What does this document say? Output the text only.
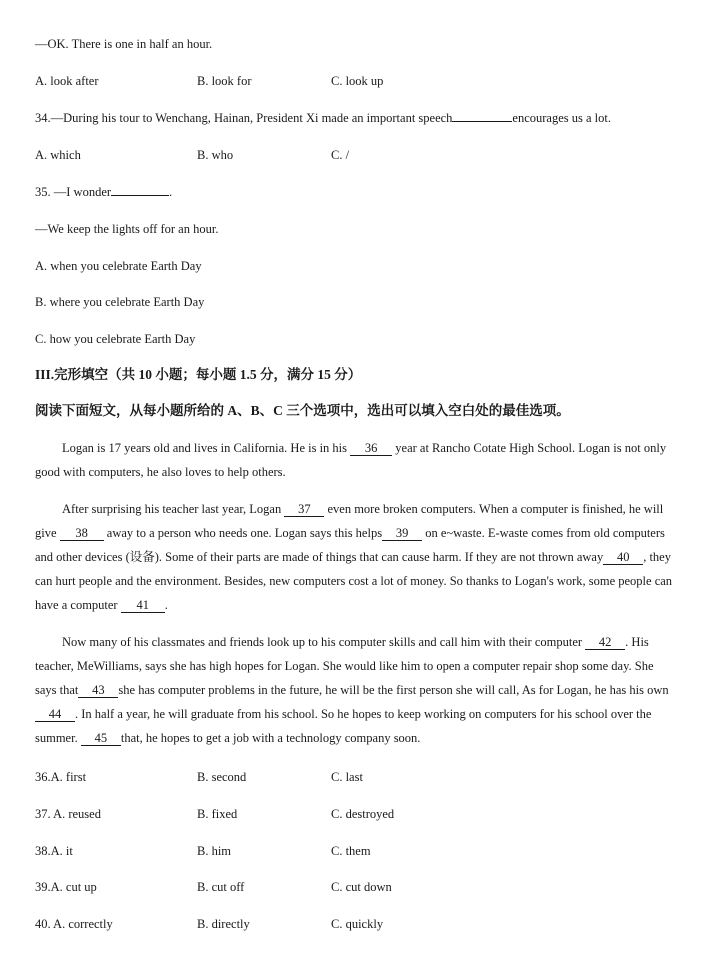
—OK. There is one in half an hour.
A. look after	B. look for	C. look up
34.—During his tour to Wenchang, Hainan, President Xi made an important speech	encourages us a lot.
A. which	B. who	C. /
35. —I wonder	.
—We keep the lights off for an hour.
A. when you celebrate Earth Day
B. where you celebrate Earth Day
C. how you celebrate Earth Day
III.完形填空（共 10 小题；每小题 1.5 分，满分 15 分）
阅读下面短文，从每小题所给的 A、B、C 三个选项中，选出可以填入空白处的最佳选项。
Logan is 17 years old and lives in California. He is in his 36 year at Rancho Cotate High School. Logan is not only good with computers, he also loves to help others.
After surprising his teacher last year, Logan 37 even more broken computers. When a computer is finished, he will give 38 away to a person who needs one. Logan says this helps 39 on e~waste. E-waste comes from old computers and other devices (设备). Some of their parts are made of things that can cause harm. If they are not thrown away 40 , they can hurt people and the environment. Besides, new computers cost a lot of money. So thanks to Logan's work, some people can have a computer 41 .
Now many of his classmates and friends look up to his computer skills and call him with their computer 42 . His teacher, MeWilliams, says she has high hopes for Logan. She would like him to open a computer repair shop some day. She says that 43 she has computer problems in the future, he will be the first person she will call, As for Logan, he has his own 44 . In half a year, he will graduate from his school. So he hopes to keep working on computers for his school over the summer. 45 that, he hopes to get a job with a technology company soon.
36.A. first	B. second	C. last
37. A. reused	B. fixed	C. destroyed
38.A. it	B. him	C. them
39.A. cut up	B. cut off	C. cut down
40. A. correctly	B. directly	C. quickly
